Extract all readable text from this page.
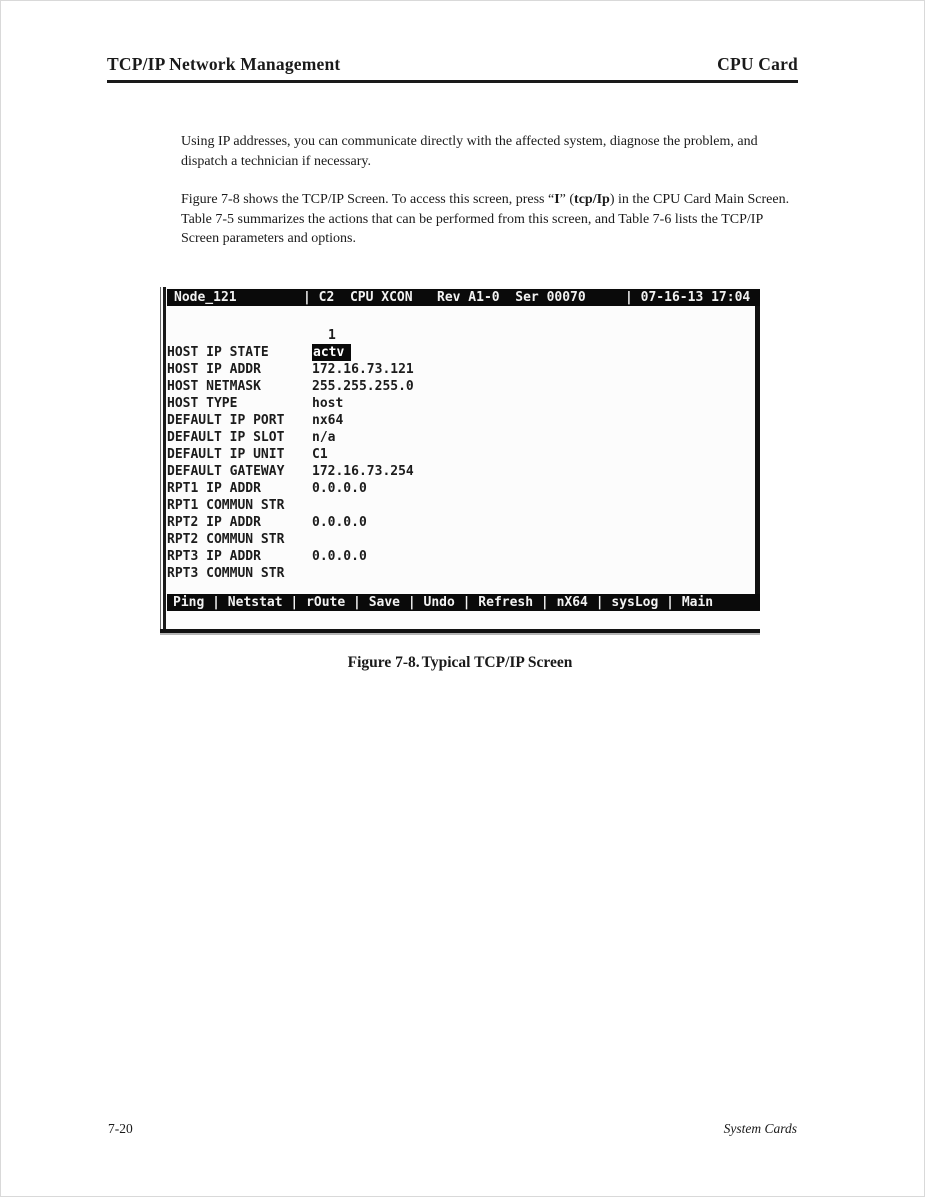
TCP/IP Network Management	CPU Card

Using IP addresses, you can communicate directly with the affected system, diagnose the problem, and dispatch a technician if necessary.

Figure 7-8 shows the TCP/IP Screen. To access this screen, press “I” (tcp/Ip) in the CPU Card Main Screen. Table 7-5 summarizes the actions that can be performed from this screen, and Table 7-6 lists the TCP/IP Screen parameters and options.

Node_121

	| C2  CPU XCON

Rev A1-0  Ser 00070

	| 07-16-13 17:04

1
HOST IP STATE	actv
HOST IP ADDR	172.16.73.121
HOST NETMASK	255.255.255.0
HOST TYPE	host
DEFAULT IP PORT nx64
DEFAULT IP SLOT n/a
DEFAULT IP UNIT C1
DEFAULT GATEWAY 172.16.73.254
RPT1 IP ADDR	0.0.0.0
RPT1 COMMUN STR
RPT2 IP ADDR	0.0.0.0
RPT2 COMMUN STR
RPT3 IP ADDR	0.0.0.0
RPT3 COMMUN STR
Ping | Netstat | rOute | Save | Undo | Refresh | nX64 | sysLog | Main
Figure 7-8. Typical TCP/IP Screen
7-20	System Cards
